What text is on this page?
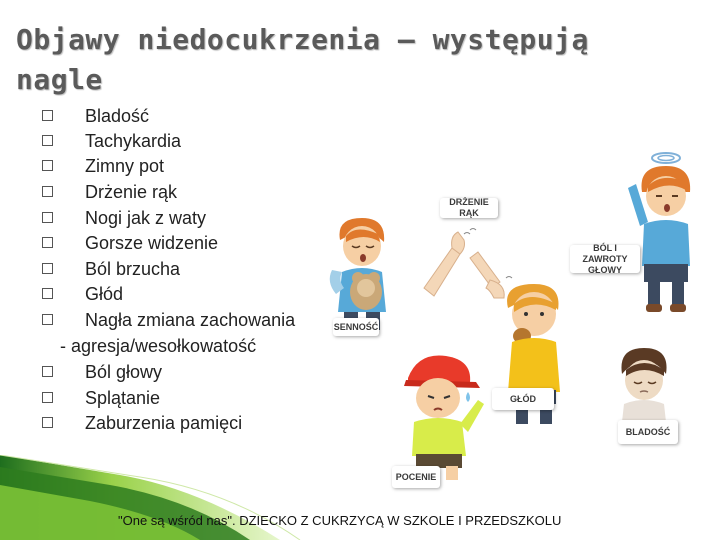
Objawy niedocukrzenia – występują nagle
Bladość
Tachykardia
Zimny pot
Drżenie rąk
Nogi jak z waty
Gorsze widzenie
Ból brzucha
Głód
Nagła zmiana zachowania
- agresja/wesołkowatość
Ból głowy
Splątanie
Zaburzenia pamięci
SENNOŚĆ
DRŻENIE RĄK
BÓL I ZAWROTY GŁOWY
GŁÓD
POCENIE
BLADOŚĆ
"One są wśród nas". DZIECKO Z CUKRZYCĄ W SZKOLE I PRZEDSZKOLU
